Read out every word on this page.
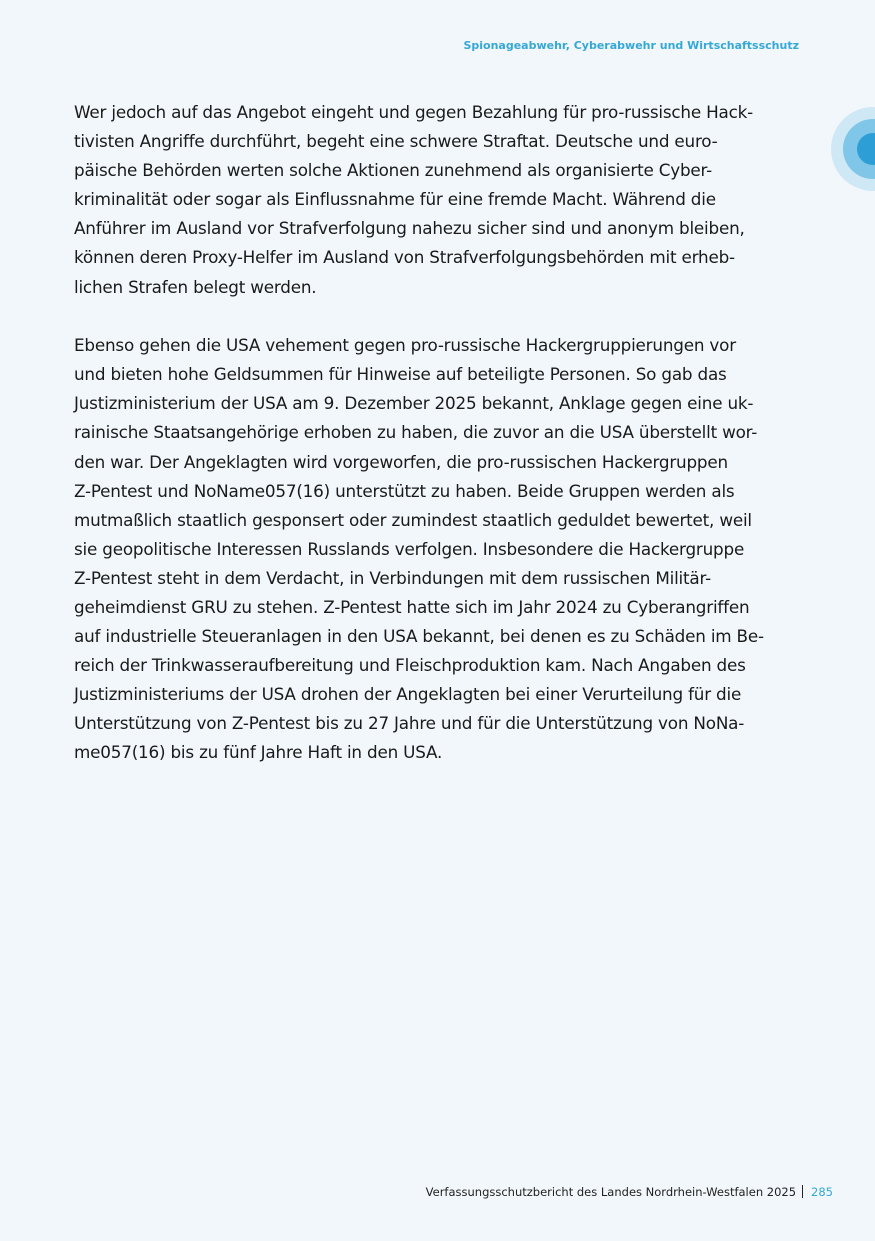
Spionageabwehr, Cyberabwehr und Wirtschaftsschutz
Wer jedoch auf das Angebot eingeht und gegen Bezahlung für pro-russische Hack-
tivisten Angriffe durchführt, begeht eine schwere Straftat. Deutsche und euro-
päische Behörden werten solche Aktionen zunehmend als organisierte Cyber-
kriminalität oder sogar als Einflussnahme für eine fremde Macht. Während die
Anführer im Ausland vor Strafverfolgung nahezu sicher sind und anonym bleiben,
können deren Proxy-Helfer im Ausland von Strafverfolgungsbehörden mit erheb-
lichen Strafen belegt werden.
Ebenso gehen die USA vehement gegen pro-russische Hackergruppierungen vor
und bieten hohe Geldsummen für Hinweise auf beteiligte Personen. So gab das
Justizministerium der USA am 9. Dezember 2025 bekannt, Anklage gegen eine uk-
rainische Staatsangehörige erhoben zu haben, die zuvor an die USA überstellt wor-
den war. Der Angeklagten wird vorgeworfen, die pro-russischen Hackergruppen
Z-Pentest und NoName057(16) unterstützt zu haben. Beide Gruppen werden als
mutmaßlich staatlich gesponsert oder zumindest staatlich geduldet bewertet, weil
sie geopolitische Interessen Russlands verfolgen. Insbesondere die Hackergruppe
Z-Pentest steht in dem Verdacht, in Verbindungen mit dem russischen Militär-
geheimdienst GRU zu stehen. Z-Pentest hatte sich im Jahr 2024 zu Cyberangriffen
auf industrielle Steueranlagen in den USA bekannt, bei denen es zu Schäden im Be-
reich der Trinkwasseraufbereitung und Fleischproduktion kam. Nach Angaben des
Justizministeriums der USA drohen der Angeklagten bei einer Verurteilung für die
Unterstützung von Z-Pentest bis zu 27 Jahre und für die Unterstützung von NoNa-
me057(16) bis zu fünf Jahre Haft in den USA.
Verfassungsschutzbericht des Landes Nordrhein-Westfalen 2025 285
